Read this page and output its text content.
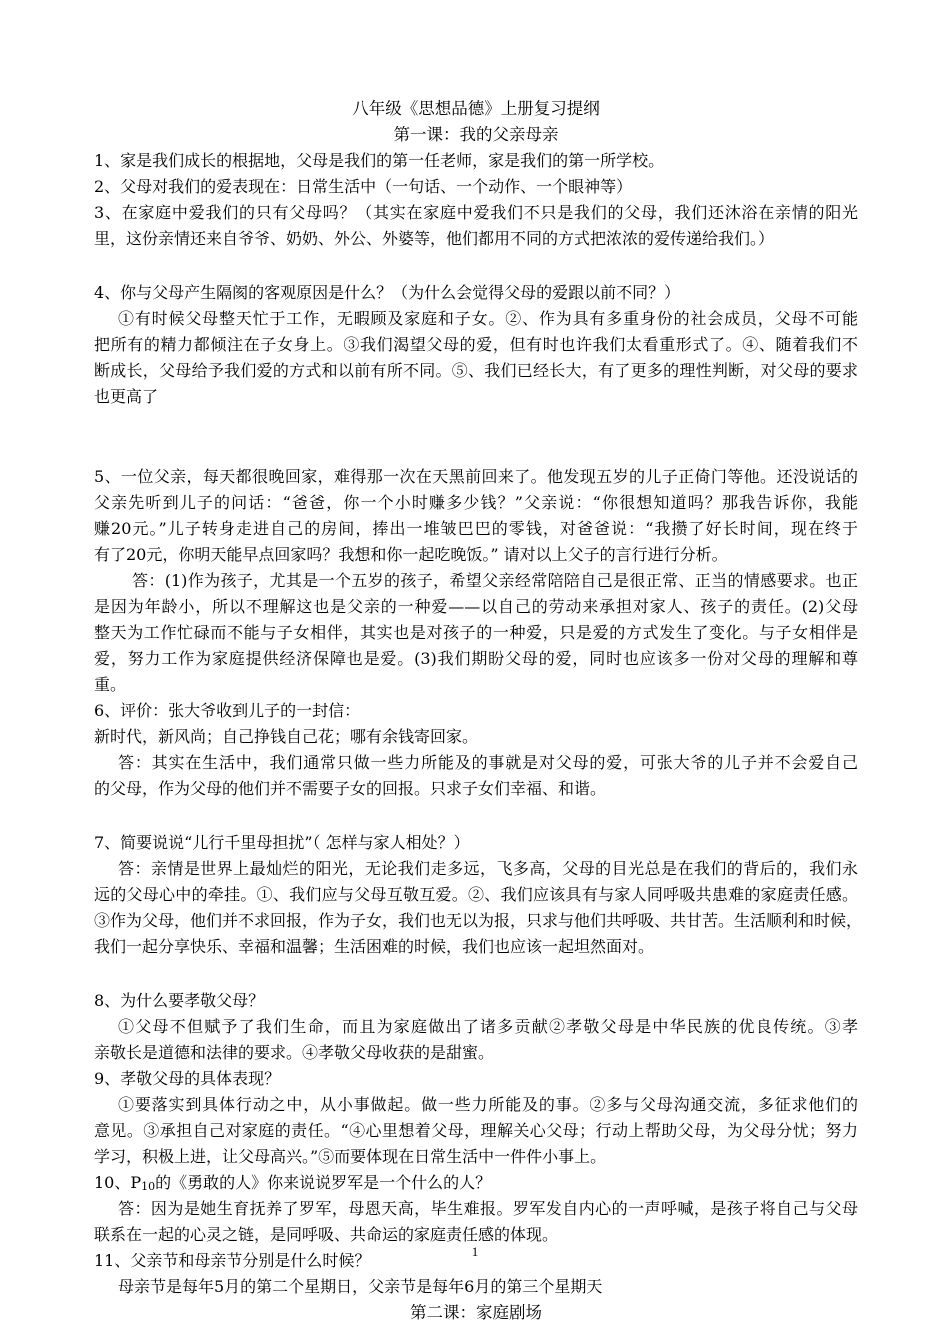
八年级《思想品德》上册复习提纲
第一课：我的父亲母亲
1、家是我们成长的根据地，父母是我们的第一任老师，家是我们的第一所学校。
2、父母对我们的爱表现在：日常生活中（一句话、一个动作、一个眼神等）
3、在家庭中爱我们的只有父母吗？（其实在家庭中爱我们不只是我们的父母，我们还沐浴在亲情的阳光
里，这份亲情还来自爷爷、奶奶、外公、外婆等，他们都用不同的方式把浓浓的爱传递给我们。）
4、你与父母产生隔阂的客观原因是什么？（为什么会觉得父母的爱跟以前不同？）
①有时候父母整天忙于工作，无暇顾及家庭和子女。②、作为具有多重身份的社会成员，父母不可能
把所有的精力都倾注在子女身上。③我们渴望父母的爱，但有时也许我们太看重形式了。④、随着我们不
断成长，父母给予我们爱的方式和以前有所不同。⑤、我们已经长大，有了更多的理性判断，对父母的要求
也更高了
5、一位父亲，每天都很晚回家，难得那一次在天黑前回来了。他发现五岁的儿子正倚门等他。还没说话的
父亲先听到儿子的问话：“爸爸，你一个小时赚多少钱？”父亲说：“你很想知道吗？那我告诉你，我能
赚20元。”儿子转身走进自己的房间，捧出一堆皱巴巴的零钱，对爸爸说：“我攒了好长时间，现在终于
有了20元，你明天能早点回家吗？我想和你一起吃晚饭。” 请对以上父子的言行进行分析。
答：(1)作为孩子，尤其是一个五岁的孩子，希望父亲经常陪陪自己是很正常、正当的情感要求。也正
是因为年龄小，所以不理解这也是父亲的一种爱——以自己的劳动来承担对家人、孩子的责任。(2)父母
整天为工作忙碌而不能与子女相伴，其实也是对孩子的一种爱，只是爱的方式发生了变化。与子女相伴是
爱，努力工作为家庭提供经济保障也是爱。(3)我们期盼父母的爱，同时也应该多一份对父母的理解和尊
重。
6、评价：张大爷收到儿子的一封信：
新时代，新风尚；自己挣钱自己花；哪有余钱寄回家。
答：其实在生活中，我们通常只做一些力所能及的事就是对父母的爱，可张大爷的儿子并不会爱自己
的父母，作为父母的他们并不需要子女的回报。只求子女们幸福、和谐。
7、简要说说“儿行千里母担扰”（ 怎样与家人相处？）
答：亲情是世界上最灿烂的阳光，无论我们走多远，飞多高，父母的目光总是在我们的背后的，我们永
远的父母心中的牵挂。①、我们应与父母互敬互爱。②、我们应该具有与家人同呼吸共患难的家庭责任感。
③作为父母，他们并不求回报，作为子女，我们也无以为报，只求与他们共呼吸、共甘苦。生活顺利和时候，
我们一起分享快乐、幸福和温馨；生活困难的时候，我们也应该一起坦然面对。
8、为什么要孝敬父母？
①父母不但赋予了我们生命，而且为家庭做出了诸多贡献②孝敬父母是中华民族的优良传统。③孝
亲敬长是道德和法律的要求。④孝敬父母收获的是甜蜜。
9、孝敬父母的具体表现？
①要落实到具体行动之中，从小事做起。做一些力所能及的事。②多与父母沟通交流，多征求他们的
意见。③承担自己对家庭的责任。“④心里想着父母，理解关心父母；行动上帮助父母，为父母分忧；努力
学习，积极上进，让父母高兴。”⑤而要体现在日常生活中一件件小事上。
10、P10的《勇敢的人》你来说说罗军是一个什么的人？
答：因为是她生育抚养了罗军，母恩天高，毕生难报。罗军发自内心的一声呼喊，是孩子将自己与父母
联系在一起的心灵之链，是同呼吸、共命运的家庭责任感的体现。
11、父亲节和母亲节分别是什么时候？
母亲节是每年5月的第二个星期日，父亲节是每年6月的第三个星期天
第二课：家庭剧场
1
